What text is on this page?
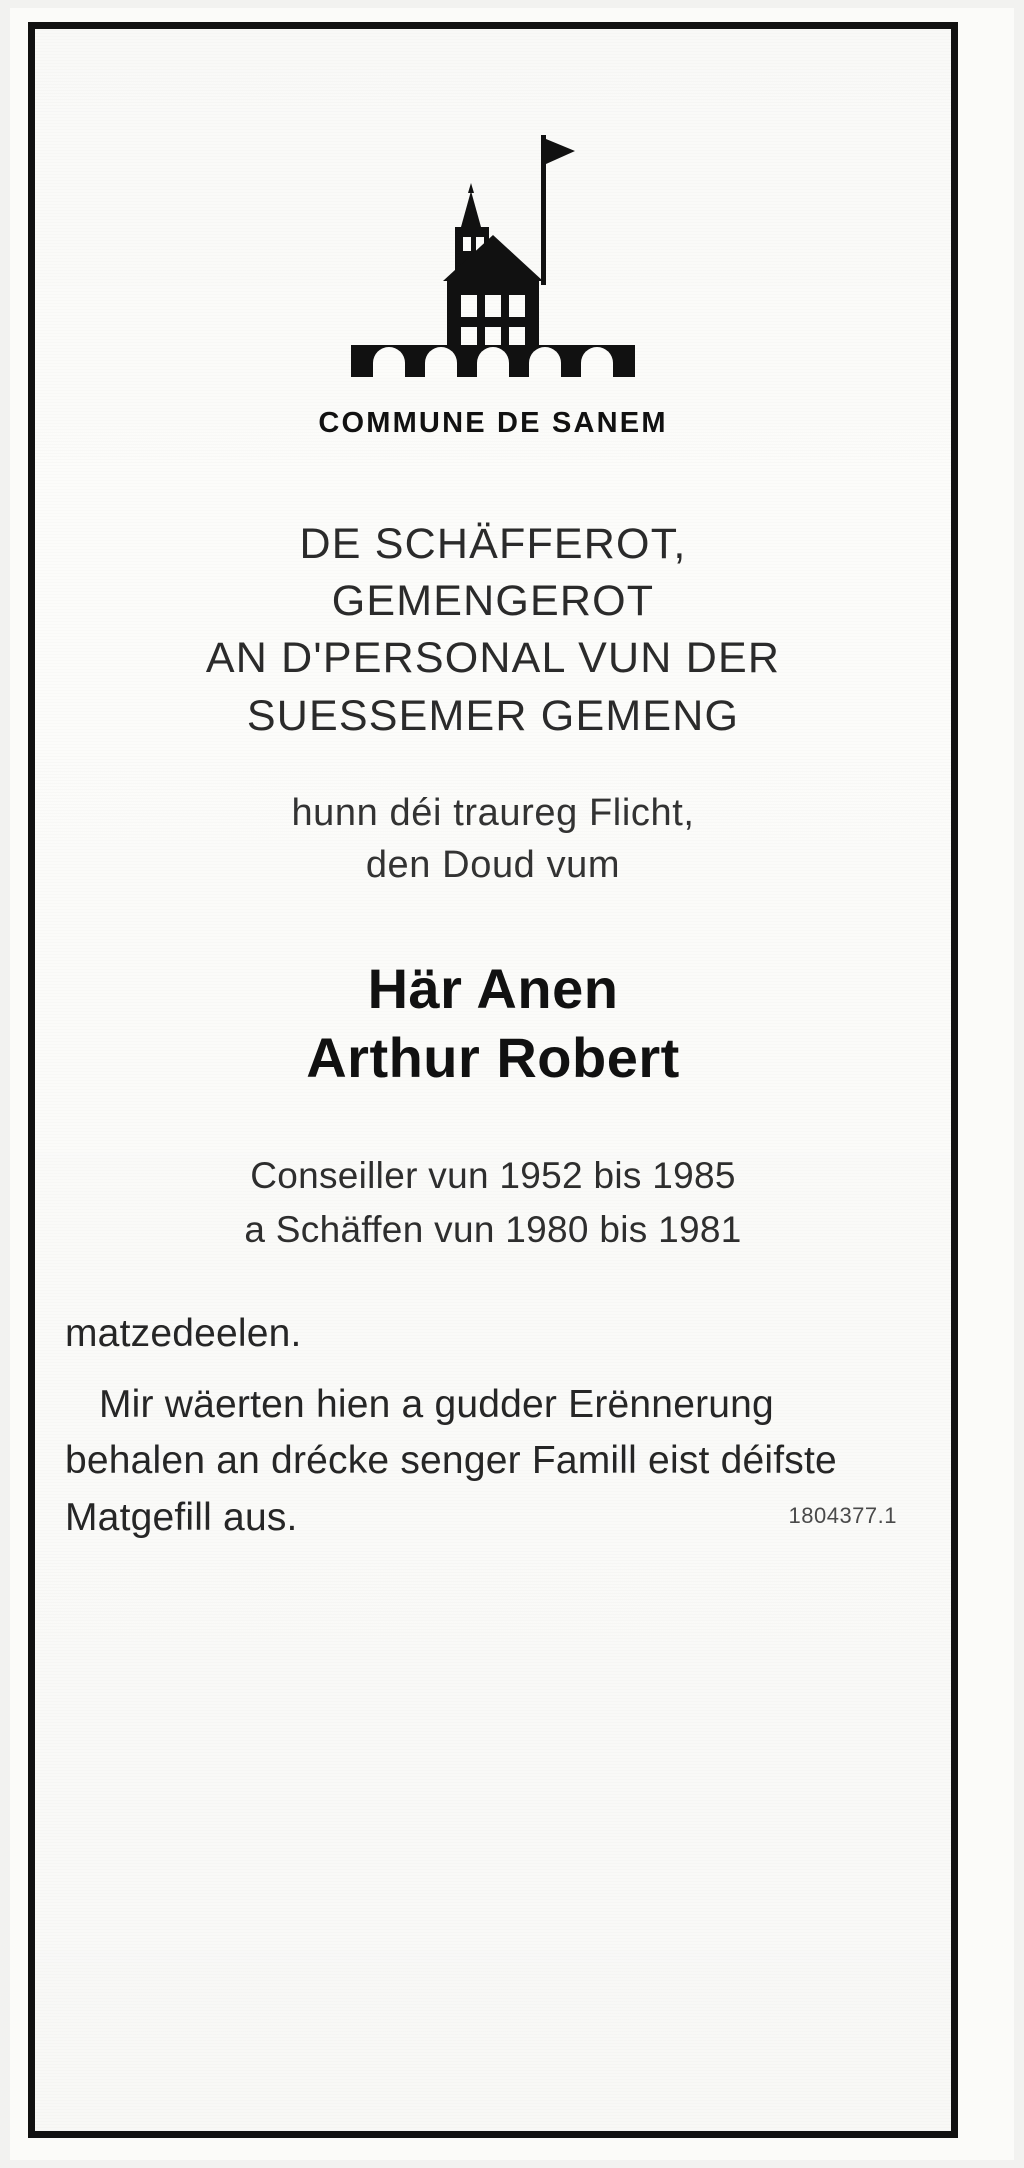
COMMUNE DE SANEM
DE SCHÄFFEROT,
GEMENGEROT
AN D'PERSONAL VUN DER
SUESSEMER GEMENG
hunn déi traureg Flicht,
den Doud vum
Här Anen
Arthur Robert
Conseiller vun 1952 bis 1985
a Schäffen vun 1980 bis 1981

matzedeelen.

Mir wäerten hien a gudder Erënnerung behalen an drécke senger Famill eist déifste Matgefill aus.	1804377.1
